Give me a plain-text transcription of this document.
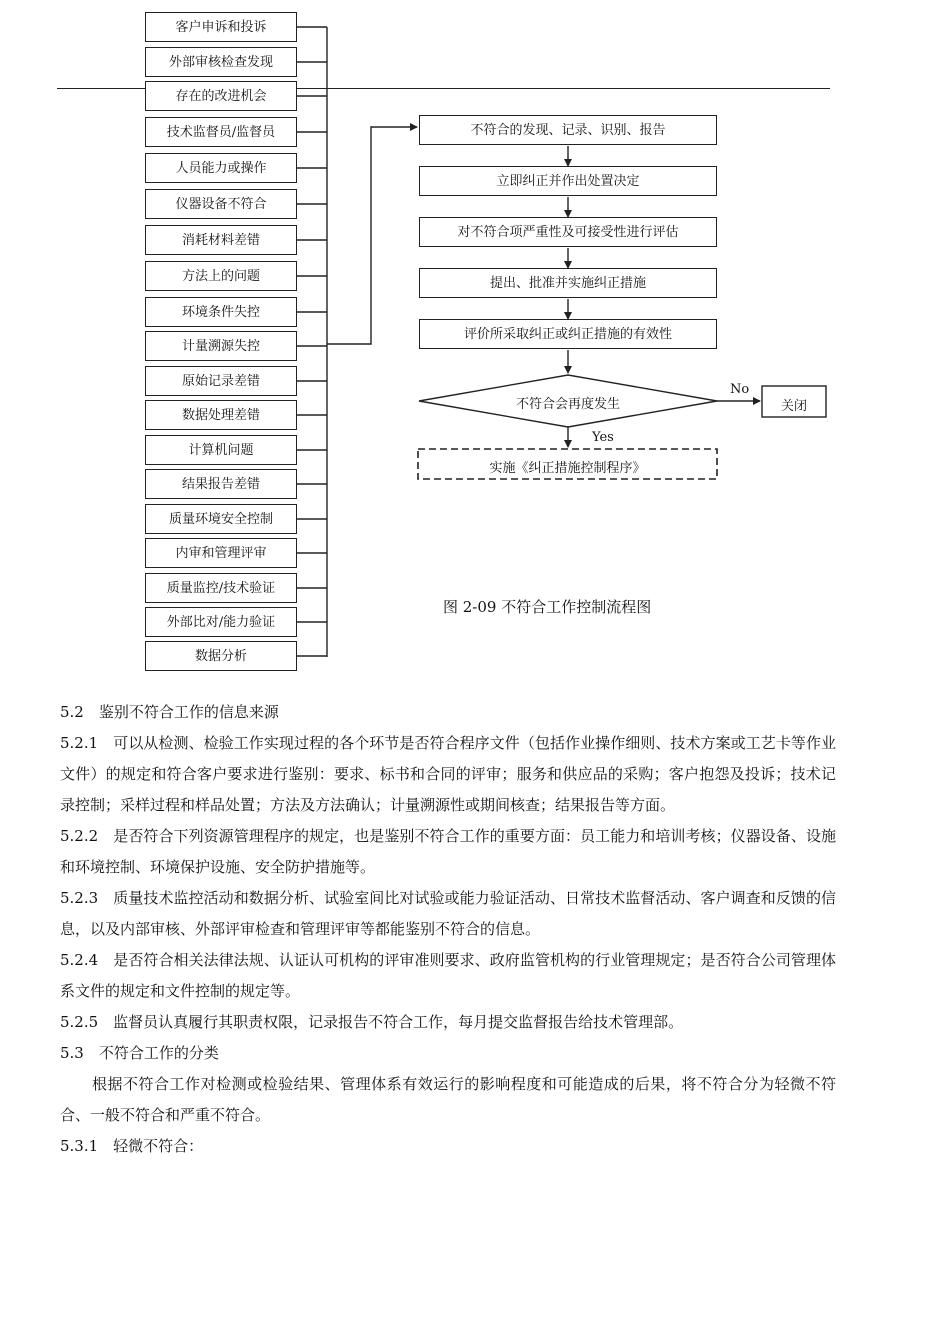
客户申诉和投诉
外部审核检查发现
存在的改进机会
技术监督员/监督员
人员能力或操作
仪器设备不符合
消耗材料差错
方法上的问题
环境条件失控
计量溯源失控
原始记录差错
数据处理差错
计算机问题
结果报告差错
质量环境安全控制
内审和管理评审
质量监控/技术验证
外部比对/能力验证
数据分析
不符合的发现、记录、识别、报告
立即纠正并作出处置决定
对不符合项严重性及可接受性进行评估
提出、批准并实施纠正措施
评价所采取纠正或纠正措施的有效性
不符合会再度发生
No
Yes
关闭
实施《纠正措施控制程序》
图 2-09 不符合工作控制流程图

5.2　鉴别不符合工作的信息来源

5.2.1　可以从检测、检验工作实现过程的各个环节是否符合程序文件（包括作业操作细则、技术方案或工艺卡等作业文件）的规定和符合客户要求进行鉴别：要求、标书和合同的评审；服务和供应品的采购；客户抱怨及投诉；技术记录控制；采样过程和样品处置；方法及方法确认；计量溯源性或期间核查；结果报告等方面。

5.2.2　是否符合下列资源管理程序的规定，也是鉴别不符合工作的重要方面：员工能力和培训考核；仪器设备、设施和环境控制、环境保护设施、安全防护措施等。

5.2.3　质量技术监控活动和数据分析、试验室间比对试验或能力验证活动、日常技术监督活动、客户调查和反馈的信息，以及内部审核、外部评审检查和管理评审等都能鉴别不符合的信息。

5.2.4　是否符合相关法律法规、认证认可机构的评审准则要求、政府监管机构的行业管理规定；是否符合公司管理体系文件的规定和文件控制的规定等。

5.2.5　监督员认真履行其职责权限，记录报告不符合工作，每月提交监督报告给技术管理部。

5.3　不符合工作的分类

根据不符合工作对检测或检验结果、管理体系有效运行的影响程度和可能造成的后果，将不符合分为轻微不符合、一般不符合和严重不符合。

5.3.1　轻微不符合：
